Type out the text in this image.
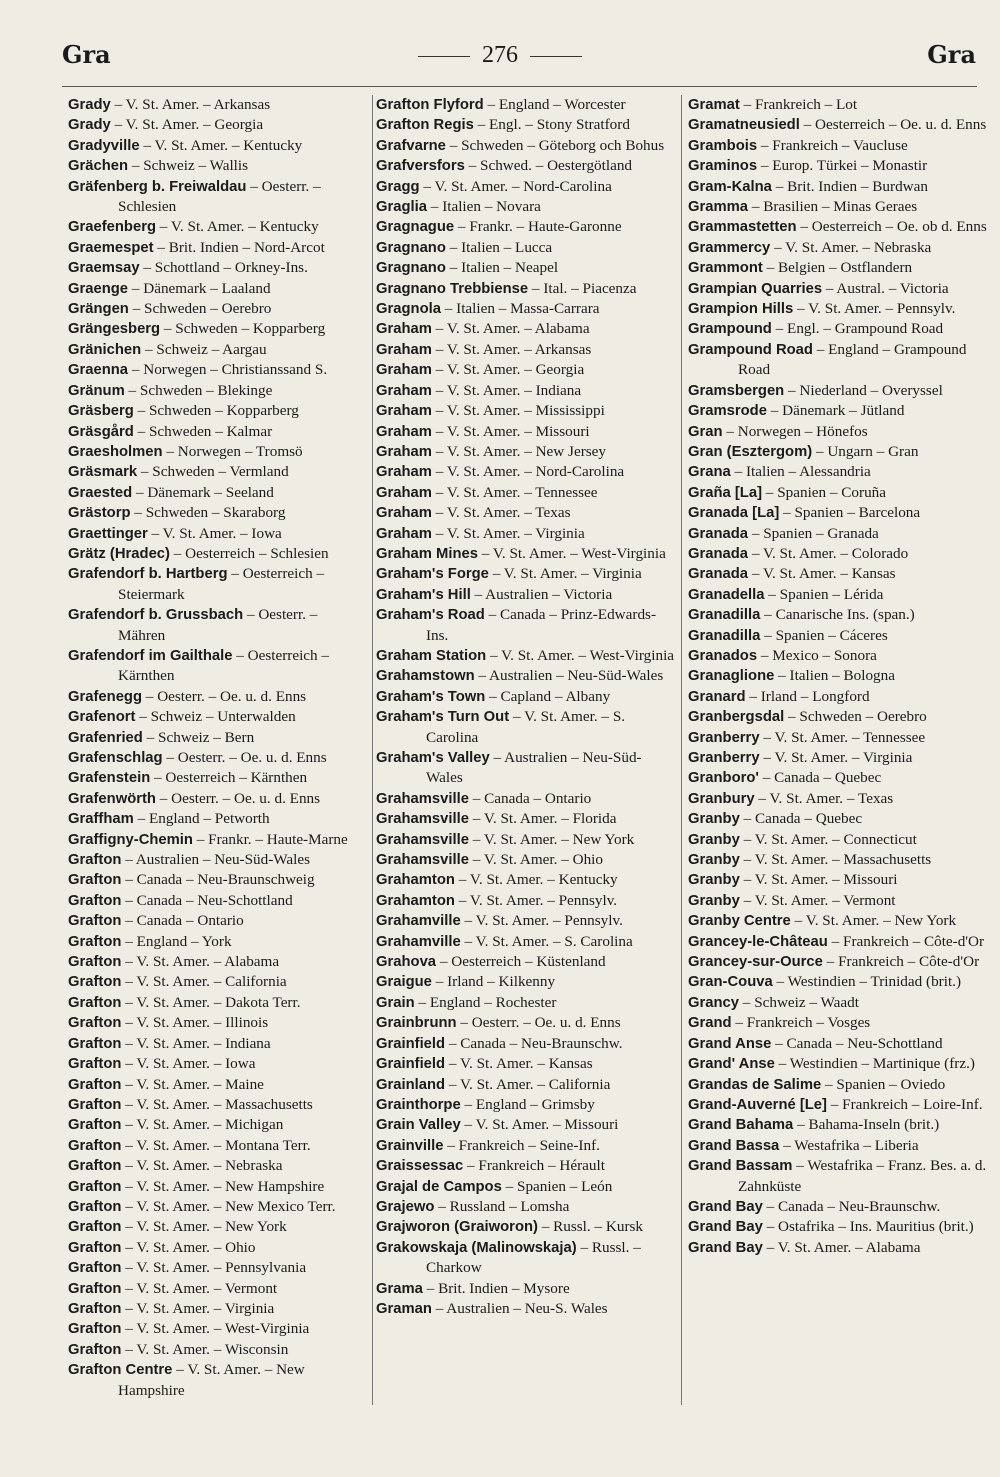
Gra	276	Gra
Grady – V. St. Amer. – Arkansas
Grady – V. St. Amer. – Georgia
Gradyville – V. St. Amer. – Kentucky
Grächen – Schweiz – Wallis
Gräfenberg b. Freiwaldau – Oesterr. – Schlesien
Graefenberg – V. St. Amer. – Kentucky
Graemespet – Brit. Indien – Nord-Arcot
Graemsay – Schottland – Orkney-Ins.
Graenge – Dänemark – Laaland
Grängen – Schweden – Oerebro
Grängesberg – Schweden – Kopparberg
Gränichen – Schweiz – Aargau
Graenna – Norwegen – Christianssand S.
Gränum – Schweden – Blekinge
Gräsberg – Schweden – Kopparberg
Gräsgård – Schweden – Kalmar
Graesholmen – Norwegen – Tromsö
Gräsmark – Schweden – Vermland
Graested – Dänemark – Seeland
Grästorp – Schweden – Skaraborg
Graettinger – V. St. Amer. – Iowa
Grätz (Hradec) – Oesterreich – Schlesien
Grafendorf b. Hartberg – Oesterreich – Steiermark
Grafendorf b. Grussbach – Oesterr. – Mähren
Grafendorf im Gailthale – Oesterreich – Kärnthen
Grafenegg – Oesterr. – Oe. u. d. Enns
Grafenort – Schweiz – Unterwalden
Grafenried – Schweiz – Bern
Grafenschlag – Oesterr. – Oe. u. d. Enns
Grafenstein – Oesterreich – Kärnthen
Grafenwörth – Oesterr. – Oe. u. d. Enns
Graffham – England – Petworth
Graffigny-Chemin – Frankr. – Haute-Marne
Grafton – Australien – Neu-Süd-Wales
Grafton – Canada – Neu-Braunschweig
Grafton – Canada – Neu-Schottland
Grafton – Canada – Ontario
Grafton – England – York
Grafton – V. St. Amer. – Alabama
Grafton – V. St. Amer. – California
Grafton – V. St. Amer. – Dakota Terr.
Grafton – V. St. Amer. – Illinois
Grafton – V. St. Amer. – Indiana
Grafton – V. St. Amer. – Iowa
Grafton – V. St. Amer. – Maine
Grafton – V. St. Amer. – Massachusetts
Grafton – V. St. Amer. – Michigan
Grafton – V. St. Amer. – Montana Terr.
Grafton – V. St. Amer. – Nebraska
Grafton – V. St. Amer. – New Hampshire
Grafton – V. St. Amer. – New Mexico Terr.
Grafton – V. St. Amer. – New York
Grafton – V. St. Amer. – Ohio
Grafton – V. St. Amer. – Pennsylvania
Grafton – V. St. Amer. – Vermont
Grafton – V. St. Amer. – Virginia
Grafton – V. St. Amer. – West-Virginia
Grafton – V. St. Amer. – Wisconsin
Grafton Centre – V. St. Amer. – New Hampshire
Grafton Flyford – England – Worcester
Grafton Regis – Engl. – Stony Stratford
Grafvarne – Schweden – Göteborg och Bohus
Grafversfors – Schwed. – Oestergötland
Gragg – V. St. Amer. – Nord-Carolina
Graglia – Italien – Novara
Gragnague – Frankr. – Haute-Garonne
Gragnano – Italien – Lucca
Gragnano – Italien – Neapel
Gragnano Trebbiense – Ital. – Piacenza
Gragnola – Italien – Massa-Carrara
Graham – V. St. Amer. – Alabama
Graham – V. St. Amer. – Arkansas
Graham – V. St. Amer. – Georgia
Graham – V. St. Amer. – Indiana
Graham – V. St. Amer. – Mississippi
Graham – V. St. Amer. – Missouri
Graham – V. St. Amer. – New Jersey
Graham – V. St. Amer. – Nord-Carolina
Graham – V. St. Amer. – Tennessee
Graham – V. St. Amer. – Texas
Graham – V. St. Amer. – Virginia
Graham Mines – V. St. Amer. – West-Virginia
Graham's Forge – V. St. Amer. – Virginia
Graham's Hill – Australien – Victoria
Graham's Road – Canada – Prinz-Edwards-Ins.
Graham Station – V. St. Amer. – West-Virginia
Grahamstown – Australien – Neu-Süd-Wales
Graham's Town – Capland – Albany
Graham's Turn Out – V. St. Amer. – S. Carolina
Graham's Valley – Australien – Neu-Süd-Wales
Grahamsville – Canada – Ontario
Grahamsville – V. St. Amer. – Florida
Grahamsville – V. St. Amer. – New York
Grahamsville – V. St. Amer. – Ohio
Grahamton – V. St. Amer. – Kentucky
Grahamton – V. St. Amer. – Pennsylv.
Grahamville – V. St. Amer. – Pennsylv.
Grahamville – V. St. Amer. – S. Carolina
Grahova – Oesterreich – Küstenland
Graigue – Irland – Kilkenny
Grain – England – Rochester
Grainbrunn – Oesterr. – Oe. u. d. Enns
Grainfield – Canada – Neu-Braunschw.
Grainfield – V. St. Amer. – Kansas
Grainland – V. St. Amer. – California
Grainthorpe – England – Grimsby
Grain Valley – V. St. Amer. – Missouri
Grainville – Frankreich – Seine-Inf.
Graissessac – Frankreich – Hérault
Grajal de Campos – Spanien – León
Grajewo – Russland – Lomsha
Grajworon (Graiworon) – Russl. – Kursk
Grakowskaja (Malinowskaja) – Russl. – Charkow
Grama – Brit. Indien – Mysore
Graman – Australien – Neu-S. Wales
Gramat – Frankreich – Lot
Gramatneusiedl – Oesterreich – Oe. u. d. Enns
Grambois – Frankreich – Vaucluse
Graminos – Europ. Türkei – Monastir
Gram-Kalna – Brit. Indien – Burdwan
Gramma – Brasilien – Minas Geraes
Grammastetten – Oesterreich – Oe. ob d. Enns
Grammercy – V. St. Amer. – Nebraska
Grammont – Belgien – Ostflandern
Grampian Quarries – Austral. – Victoria
Grampion Hills – V. St. Amer. – Pennsylv.
Grampound – Engl. – Grampound Road
Grampound Road – England – Grampound Road
Gramsbergen – Niederland – Overyssel
Gramsrode – Dänemark – Jütland
Gran – Norwegen – Hönefos
Gran (Esztergom) – Ungarn – Gran
Grana – Italien – Alessandria
Graña [La] – Spanien – Coruña
Granada [La] – Spanien – Barcelona
Granada – Spanien – Granada
Granada – V. St. Amer. – Colorado
Granada – V. St. Amer. – Kansas
Granadella – Spanien – Lérida
Granadilla – Canarische Ins. (span.)
Granadilla – Spanien – Cáceres
Granados – Mexico – Sonora
Granaglione – Italien – Bologna
Granard – Irland – Longford
Granbergsdal – Schweden – Oerebro
Granberry – V. St. Amer. – Tennessee
Granberry – V. St. Amer. – Virginia
Granboro' – Canada – Quebec
Granbury – V. St. Amer. – Texas
Granby – Canada – Quebec
Granby – V. St. Amer. – Connecticut
Granby – V. St. Amer. – Massachusetts
Granby – V. St. Amer. – Missouri
Granby – V. St. Amer. – Vermont
Granby Centre – V. St. Amer. – New York
Grancey-le-Château – Frankreich – Côte-d'Or
Grancey-sur-Ource – Frankreich – Côte-d'Or
Gran-Couva – Westindien – Trinidad (brit.)
Grancy – Schweiz – Waadt
Grand – Frankreich – Vosges
Grand Anse – Canada – Neu-Schottland
Grand' Anse – Westindien – Martinique (frz.)
Grandas de Salime – Spanien – Oviedo
Grand-Auverné [Le] – Frankreich – Loire-Inf.
Grand Bahama – Bahama-Inseln (brit.)
Grand Bassa – Westafrika – Liberia
Grand Bassam – Westafrika – Franz. Bes. a. d. Zahnküste
Grand Bay – Canada – Neu-Braunschw.
Grand Bay – Ostafrika – Ins. Mauritius (brit.)
Grand Bay – V. St. Amer. – Alabama
